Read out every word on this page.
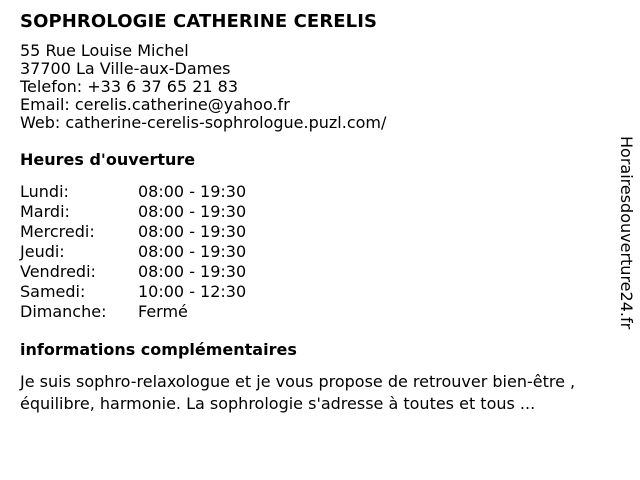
SOPHROLOGIE CATHERINE CERELIS
55 Rue Louise Michel
37700 La Ville-aux-Dames
Telefon: +33 6 37 65 21 83
Email: cerelis.catherine@yahoo.fr
Web: catherine-cerelis-sophrologue.puzl.com/
Heures d'ouverture
Lundi:	08:00 - 19:30
Mardi:	08:00 - 19:30
Mercredi:	08:00 - 19:30
Jeudi:	08:00 - 19:30
Vendredi:	08:00 - 19:30
Samedi:	10:00 - 12:30
Dimanche:	Fermé
informations complémentaires
Je suis sophro-relaxologue et je vous propose de retrouver bien-être , équilibre, harmonie. La sophrologie s'adresse à toutes et tous ...
Horairesdouverture24.fr
